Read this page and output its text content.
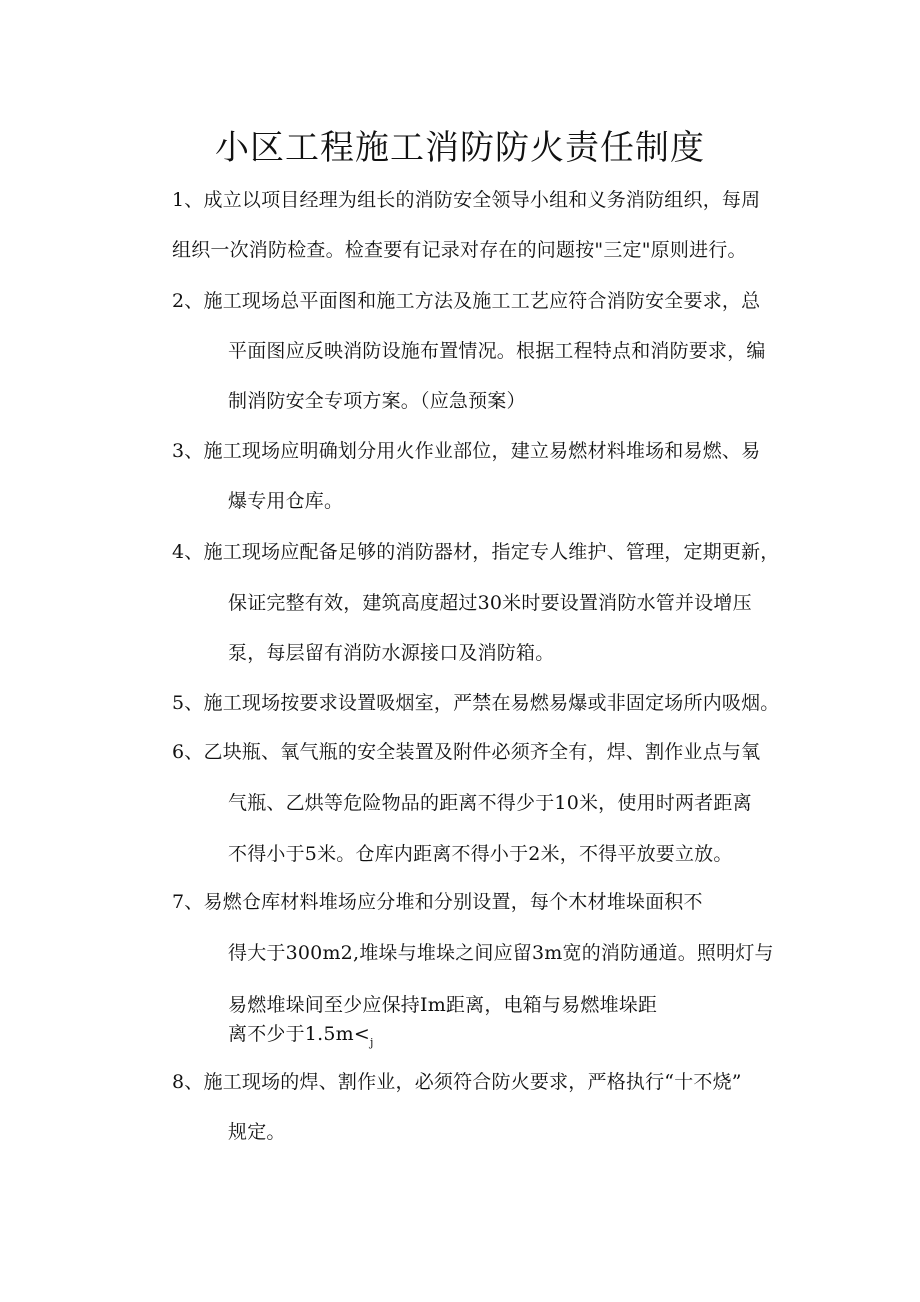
小区工程施工消防防火责任制度
1、成立以项目经理为组长的消防安全领导小组和义务消防组织，每周
组织一次消防检查。检查要有记录对存在的问题按"三定"原则进行。
2、施工现场总平面图和施工方法及施工工艺应符合消防安全要求，总
平面图应反映消防设施布置情况。根据工程特点和消防要求，编
制消防安全专项方案。（应急预案）
3、施工现场应明确划分用火作业部位，建立易燃材料堆场和易燃、易
爆专用仓库。
4、施工现场应配备足够的消防器材，指定专人维护、管理，定期更新，
保证完整有效，建筑高度超过30米时要设置消防水管并设增压
泵，每层留有消防水源接口及消防箱。
5、施工现场按要求设置吸烟室，严禁在易燃易爆或非固定场所内吸烟。
6、乙块瓶、氧气瓶的安全装置及附件必须齐全有，焊、割作业点与氧
气瓶、乙烘等危险物品的距离不得少于10米，使用时两者距离
不得小于5米。仓库内距离不得小于2米，不得平放要立放。
7、易燃仓库材料堆场应分堆和分别设置，每个木材堆垛面积不
得大于300m2,堆垛与堆垛之间应留3m宽的消防通道。照明灯与
易燃堆垛间至少应保持Im距离，电箱与易燃堆垛距
离不少于$1.5m<_j$
8、施工现场的焊、割作业，必须符合防火要求，严格执行“十不烧”
规定。
